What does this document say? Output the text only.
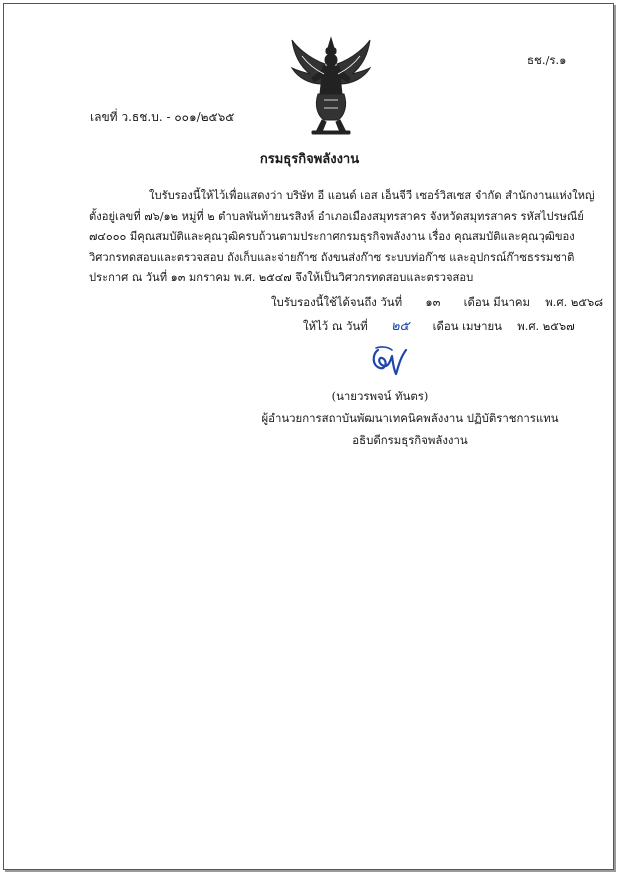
ธช./ร.๑
เลขที่ ว.ธช.บ. - ๐๐๑/๒๕๖๕
กรมธุรกิจพลังงาน

ใบรับรองนี้ให้ไว้เพื่อแสดงว่า บริษัท อี แอนด์ เอส เอ็นจีวี เซอร์วิสเซส จำกัด สำนักงานแห่งใหญ่

ตั้งอยู่เลขที่ ๗๖/๑๒ หมู่ที่ ๒ ตำบลพันท้ายนรสิงห์ อำเภอเมืองสมุทรสาคร จังหวัดสมุทรสาคร รหัสไปรษณีย์

๗๔๐๐๐ มีคุณสมบัติและคุณวุฒิครบถ้วนตามประกาศกรมธุรกิจพลังงาน เรื่อง คุณสมบัติและคุณวุฒิของ

วิศวกรทดสอบและตรวจสอบ ถังเก็บและจ่ายก๊าซ ถังขนส่งก๊าซ ระบบท่อก๊าซ และอุปกรณ์ก๊าซธรรมชาติ

ประกาศ ณ วันที่ ๑๓ มกราคม พ.ศ. ๒๕๔๗ จึงให้เป็นวิศวกรทดสอบและตรวจสอบ

ใบรับรองนี้ใช้ได้จนถึง วันที่ ๑๓ เดือน มีนาคม พ.ศ. ๒๕๖๘
ให้ไว้ ณ วันที่ ๒๕ เดือน เมษายน พ.ศ. ๒๕๖๗
(นายวรพจน์ ทันตร)
ผู้อำนวยการสถาบันพัฒนาเทคนิคพลังงาน ปฏิบัติราชการแทน
อธิบดีกรมธุรกิจพลังงาน
